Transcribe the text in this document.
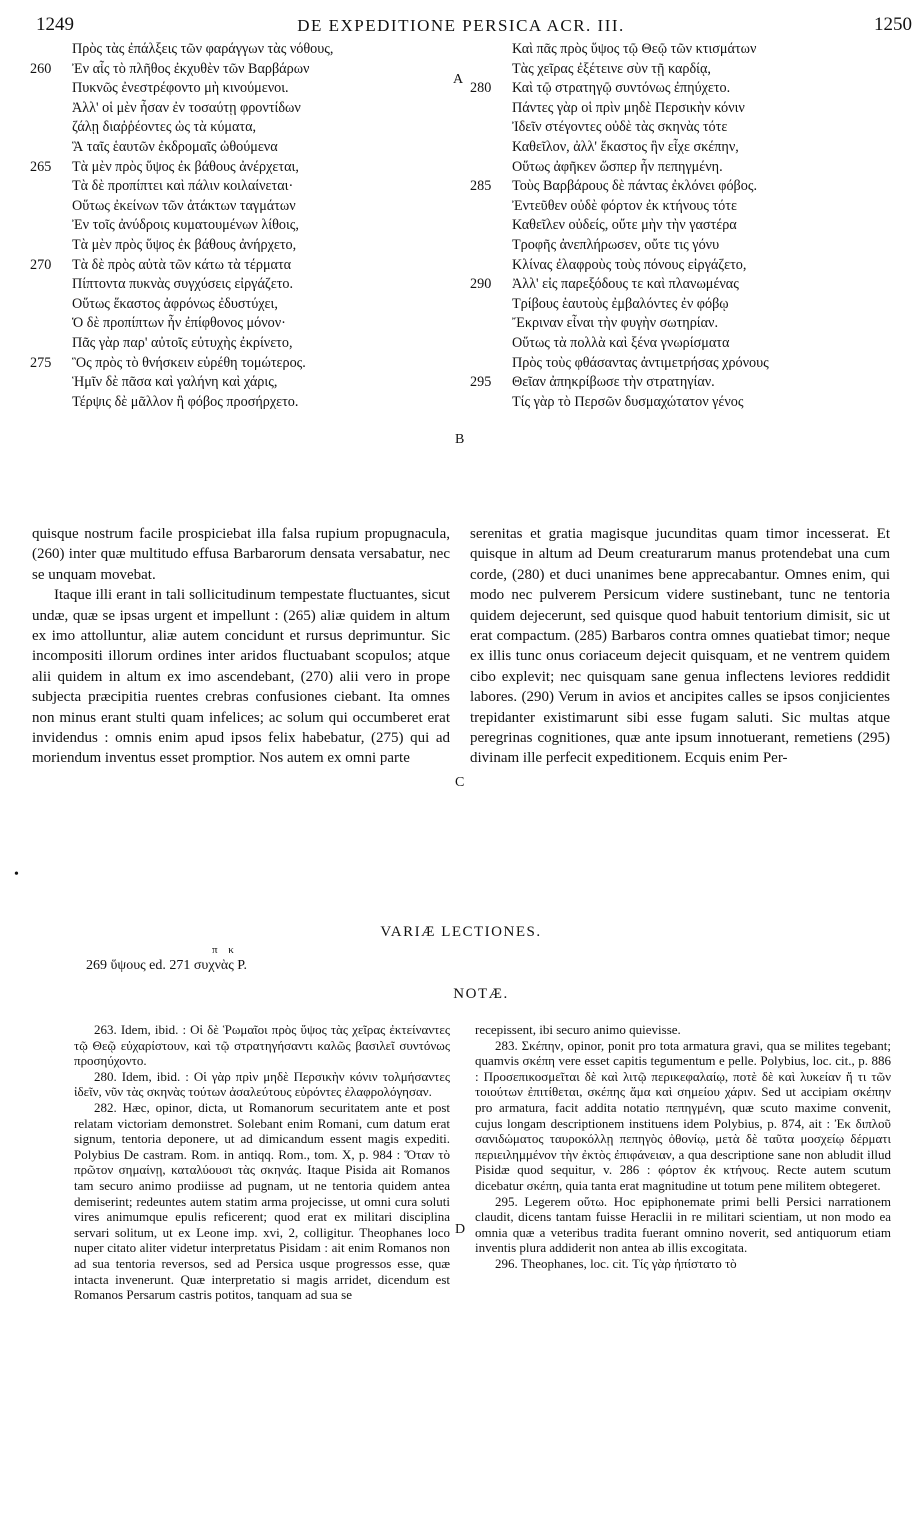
1249	DE EXPEDITIONE PERSICA ACR. III.	1250
Πρὸς τὰς ἐπάλξεις τῶν φαράγγων τὰς νόθους,
260	Ἐν αἷς τὸ πλῆθος ἐκχυθὲν τῶν Βαρβάρων
Πυκνῶς ἐνεστρέφοντο μὴ κινούμενοι.
Ἀλλ' οἱ μὲν ἦσαν ἐν τοσαύτῃ φροντίδων
ζάλῃ διαῤῥέοντες ὡς τὰ κύματα,
Ἃ ταῖς ἑαυτῶν ἐκδρομαῖς ὠθούμενα
265	Τὰ μὲν πρὸς ὕψος ἐκ βάθους ἀνέρχεται,
Τὰ δὲ προπίπτει καὶ πάλιν κοιλαίνεται·
Οὕτως ἐκείνων τῶν ἀτάκτων ταγμάτων
Ἐν τοῖς ἀνύδροις κυματουμένων λίθοις,
Τὰ μὲν πρὸς ὕψος ἐκ βάθους ἀνήρχετο,
270	Τὰ δὲ πρὸς αὐτὰ τῶν κάτω τὰ τέρματα
Πίπτοντα πυκνὰς συγχύσεις εἰργάζετο.
Οὕτως ἕκαστος ἀφρόνως ἐδυστύχει,
Ὁ δὲ προπίπτων ἦν ἐπίφθονος μόνον·
Πᾶς γὰρ παρ' αὐτοῖς εὐτυχὴς ἐκρίνετο,
275	Ὃς πρὸς τὸ θνήσκειν εὑρέθη τομώτερος.
Ἡμῖν δὲ πᾶσα καὶ γαλήνη καὶ χάρις,
Τέρψις δὲ μᾶλλον ἢ φόβος προσήρχετο.
Καὶ πᾶς πρὸς ὕψος τῷ Θεῷ τῶν κτισμάτων
Τὰς χεῖρας ἐξέτεινε σὺν τῇ καρδίᾳ,
280	Καὶ τῷ στρατηγῷ συντόνως ἐπηύχετο.
Πάντες γὰρ οἱ πρὶν μηδὲ Περσικὴν κόνιν
Ἰδεῖν στέγοντες οὐδὲ τὰς σκηνὰς τότε
Καθεῖλον, ἀλλ' ἕκαστος ἣν εἶχε σκέπην,
Οὕτως ἀφῆκεν ὥσπερ ἦν πεπηγμένη.
285	Τοὺς Βαρβάρους δὲ πάντας ἐκλόνει φόβος.
Ἐντεῦθεν οὐδὲ φόρτον ἐκ κτήνους τότε
Καθεῖλεν οὐδείς, οὔτε μὴν τὴν γαστέρα
Τροφῆς ἀνεπλήρωσεν, οὔτε τις γόνυ
Κλίνας ἐλαφροὺς τοὺς πόνους εἰργάζετο,
290	Ἀλλ' εἰς παρεξόδους τε καὶ πλανωμένας
Τρίβους ἑαυτοὺς ἐμβαλόντες ἐν φόβῳ
Ἔκριναν εἶναι τὴν φυγὴν σωτηρίαν.
Οὕτως τὰ πολλὰ καὶ ξένα γνωρίσματα
Πρὸς τοὺς φθάσαντας ἀντιμετρήσας χρόνους
295	Θεῖαν ἀπηκρίβωσε τὴν στρατηγίαν.
Τίς γὰρ τὸ Περσῶν δυσμαχώτατον γένος
A
B
C
D
•

quisque nostrum facile prospiciebat illa falsa rupium propugnacula, (260) inter quæ multitudo effusa Barbarorum densata versabatur, nec se unquam movebat.

Itaque illi erant in tali sollicitudinum tempestate fluctuantes, sicut undæ, quæ se ipsas urgent et impellunt : (265) aliæ quidem in altum ex imo attolluntur, aliæ autem concidunt et rursus deprimuntur. Sic incompositi illorum ordines inter aridos fluctuabant scopulos; atque alii quidem in altum ex imo ascendebant, (270) alii vero in prope subjecta præcipitia ruentes crebras confusiones ciebant. Ita omnes non minus erant stulti quam infelices; ac solum qui occumberet erat invidendus : omnis enim apud ipsos felix habebatur, (275) qui ad moriendum inventus esset promptior. Nos autem ex omni parte

serenitas et gratia magisque jucunditas quam timor incesserat. Et quisque in altum ad Deum creaturarum manus protendebat una cum corde, (280) et duci unanimes bene apprecabantur. Omnes enim, qui modo nec pulverem Persicum videre sustinebant, tunc ne tentoria quidem dejecerunt, sed quisque quod habuit tentorium dimisit, sic ut erat compactum. (285) Barbaros contra omnes quatiebat timor; neque ex illis tunc onus coriaceum dejecit quisquam, et ne ventrem quidem cibo explevit; nec quisquam sane genua inflectens leviores reddidit labores. (290) Verum in avios et ancipites calles se ipsos conjicientes trepidanter existimarunt sibi esse fugam saluti. Sic multas atque peregrinas cognitiones, quæ ante ipsum innotuerant, remetiens (295) divinam ille perfecit expeditionem. Ecquis enim Per-

VARIÆ LECTIONES.
π κ
269 ὕψους ed. 271 συχνὰς P.
NOTÆ.

263. Idem, ibid. : Οἱ δὲ Ῥωμαῖοι πρὸς ὕψος τὰς χεῖρας ἐκτείναντες τῷ Θεῷ εὐχαρίστουν, καὶ τῷ στρατηγήσαντι καλῶς βασιλεῖ συντόνως προσηύχοντο.

280. Idem, ibid. : Οἱ γὰρ πρὶν μηδὲ Περσικὴν κόνιν τολμήσαντες ἰδεῖν, νῦν τὰς σκηνὰς τούτων ἀσαλεύτους εὑρόντες ἐλαφρολόγησαν.

282. Hæc, opinor, dicta, ut Romanorum securitatem ante et post relatam victoriam demonstret. Solebant enim Romani, cum datum erat signum, tentoria deponere, ut ad dimicandum essent magis expediti. Polybius De castram. Rom. in antiqq. Rom., tom. X, p. 984 : Ὅταν τὸ πρῶτον σημαίνῃ, καταλύουσι τὰς σκηνάς. Itaque Pisida ait Romanos tam securo animo prodiisse ad pugnam, ut ne tentoria quidem antea demiserint; redeuntes autem statim arma projecisse, ut omni cura soluti vires animumque epulis reficerent; quod erat ex militari disciplina servari solitum, ut ex Leone imp. xvi, 2, colligitur. Theophanes loco nuper citato aliter videtur interpretatus Pisidam : ait enim Romanos non ad sua tentoria reversos, sed ad Persica usque progressos esse, quæ intacta invenerunt. Quæ interpretatio si magis arridet, dicendum est Romanos Persarum castris potitos, tanquam ad sua se

recepissent, ibi securo animo quievisse.

283. Σκέπην, opinor, ponit pro tota armatura gravi, qua se milites tegebant; quamvis σκέπη vere esset capitis tegumentum e pelle. Polybius, loc. cit., p. 886 : Προσεπικοσμεῖται δὲ καὶ λιτῷ περικεφαλαίῳ, ποτὲ δὲ καὶ λυκείαν ἤ τι τῶν τοιούτων ἐπιτίθεται, σκέπης ἅμα καὶ σημείου χάριν. Sed ut accipiam σκέπην pro armatura, facit addita notatio πεπηγμένη, quæ scuto maxime convenit, cujus longam descriptionem instituens idem Polybius, p. 874, ait : Ἐκ διπλοῦ σανιδώματος ταυροκόλλῃ πεπηγὸς ὀθονίῳ, μετὰ δὲ ταῦτα μοσχείῳ δέρματι περιειλημμένον τὴν ἐκτὸς ἐπιφάνειαν, a qua descriptione sane non abludit illud Pisidæ quod sequitur, v. 286 : φόρτον ἐκ κτήνους. Recte autem scutum dicebatur σκέπη, quia tanta erat magnitudine ut totum pene militem obtegeret.

295. Legerem οὕτω. Hoc epiphonemate primi belli Persici narrationem claudit, dicens tantam fuisse Heraclii in re militari scientiam, ut non modo ea omnia quæ a veteribus tradita fuerant omnino noverit, sed antiquorum etiam inventis plura addiderit non antea ab illis excogitata.

296. Theophanes, loc. cit. Τίς γὰρ ἠπίστατο τὸ
